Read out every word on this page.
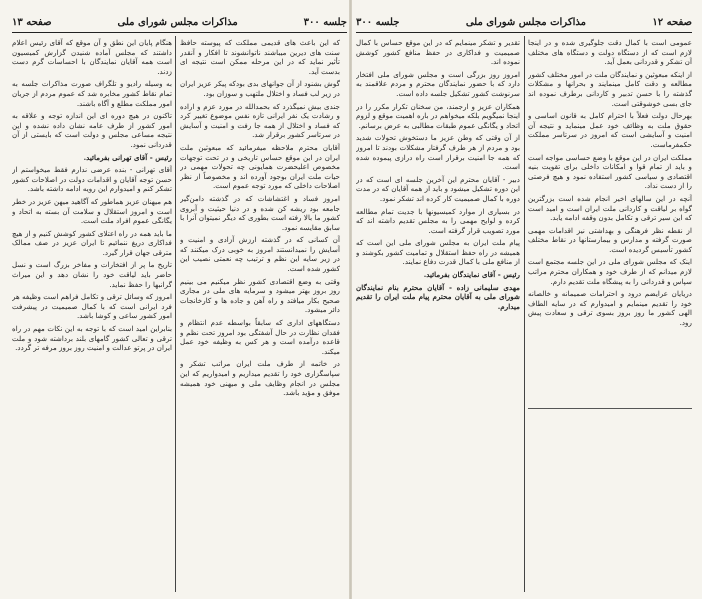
صفحه ۱۳	مذاکرات مجلس شورای ملی	جلسه ۳۰۰

هنگام پایان این نطق و آن موقع که آقای رئیس اعلام داشتند که مجلس آماده شنیدن گزارش کمیسیون است همه آقایان نمایندگان با احساسات گرم دست زدند.

به وسیله رادیو و تلگراف صورت مذاکرات جلسه به تمام نقاط کشور مخابره شد که عموم مردم از جریان امور مملکت مطلع و آگاه باشند.

تاکنون در هیچ دوره ای این اندازه توجه و علاقه به امور کشور از طرف عامه نشان داده نشده و این نتیجه مساعی مجلس و دولت است که بایستی از آن قدردانی نمود.

رئیس - آقای تهرانی بفرمائید.

آقای تهرانی - بنده عرضی ندارم فقط میخواستم از حسن توجه آقایان و اقدامات دولت در اصلاحات کشور تشکر کنم و امیدوارم این رویه ادامه داشته باشد.

هم میهنان عزیز هماطور که آگاهید میهن عزیز در خطر است و امروز استقلال و سلامت آن بسته به اتحاد و یگانگی عموم افراد ملت است.

ما باید همه در راه اعتلای کشور کوشش کنیم و از هیچ فداکاری دریغ ننمائیم تا ایران عزیز در صف ممالک مترقی جهان قرار گیرد.

تاریخ ما پر از افتخارات و مفاخر بزرگ است و نسل حاضر باید لیاقت خود را نشان دهد و این میراث گرانبها را حفظ نماید.

امروز که وسائل ترقی و تکامل فراهم است وظیفه هر فرد ایرانی است که با کمال صمیمیت در پیشرفت امور کشور ساعی و کوشا باشد.

بنابراین امید است که با توجه به این نکات مهم در راه ترقی و تعالی کشور گامهای بلند برداشته شود و ملت ایران در پرتو عدالت و امنیت روز بروز مرفه تر گردد.

که این باعث های قدیمی مملکت که پیوسته حافظ سنت های دیرین میباشند ناتوانشوند تا افکار و آنقدر تأثیر نماید که در این مرحله ممکن است نتیجه ای بدست آید.

گوش بشنود از آن جوانهای بدی بودکه پیکر عزیز ایران در زیر لب فساد و اختلال ملتهب و سوزان بود.

جندی بیش نمیگذرد که بحمدالله در مورد عزم و اراده و رشادت یک نفر ایرانی تازه نفس موضوع تغییر کرد که فساد و اختلال از همه جا رفت و امنیت و آسایش در سرتاسر کشور برقرار شد.

آقایان محترم ملاحظه میفرمائید که مبعوثین ملت ایران در این موقع حساس تاریخی و در تحت توجهات مخصوص اعلیحضرت همایونی چه تحولات مهمی در حیات ملت ایران بوجود آورده اند و مخصوصاً از نظر اصلاحات داخلی که مورد توجه عموم است.

امروز فساد و اغتشاشات که در گذشته دامن‌گیر جامعه بود ریشه کن شده و در دنیا حیثیت و آبروی کشور ما بالا رفته است بطوری که دیگر نمیتوان آنرا با سابق مقایسه نمود.

آن کسانی که در گذشته ارزش آزادی و امنیت و آسایش را نمیدانستند امروز به خوبی درک میکنند که در زیر سایه این نظم و ترتیب چه نعمتی نصیب این کشور شده است.

وقتی به وضع اقتصادی کشور نظر میکنیم می بینیم روز بروز بهتر میشود و سرمایه های ملی در مجاری صحیح بکار میافتد و راه آهن و جاده ها و کارخانجات دائر میشود.

دستگاههای اداری که سابقاً بواسطه عدم انتظام و فقدان نظارت در حال آشفتگی بود امروز تحت نظم و قاعده درآمده است و هر کس به وظیفه خود عمل میکند.

در خاتمه از طرف ملت ایران مراتب تشکر و سپاسگزاری خود را تقدیم میداریم و امیدواریم که این مجلس در انجام وظایف ملی و میهنی خود همیشه موفق و مؤید باشد.

جلسه ۳۰۰	مذاکرات مجلس شورای ملی	صفحه ۱۲

تقدیر و تشکر مینمایم که در این موقع حساس با کمال صمیمیت و فداکاری در حفظ منافع کشور کوشش نموده اند.

امروز روز بزرگی است و مجلس شورای ملی افتخار دارد که با حضور نمایندگان محترم و مردم علاقمند به سرنوشت کشور تشکیل جلسه داده است.

همکاران عزیز و ارجمند، من سخنان تکرار مکرر را در اینجا نمیگویم بلکه میخواهم در باره اهمیت موقع و لزوم اتحاد و یگانگی عموم طبقات مطالبی به عرض برسانم.

از آن وقتی که وطن عزیز ما دستخوش تحولات شدید بود و مردم از هر طرف گرفتار مشکلات بودند تا امروز که همه جا امنیت برقرار است راه درازی پیموده شده است.

دبیر - آقایان محترم این آخرین جلسه ای است که در این دوره تشکیل میشود و باید از همه آقایان که در مدت دوره با کمال صمیمیت کار کرده اند تشکر نمود.

در بسیاری از موارد کمیسیونها با جدیت تمام مطالعه کرده و لوایح مهمی را به مجلس تقدیم داشته اند که مورد تصویب قرار گرفته است.

پیام ملت ایران به مجلس شورای ملی این است که همیشه در راه حفظ استقلال و تمامیت کشور بکوشند و از منافع ملی با کمال قدرت دفاع نمایند.

رئیس - آقای نمایندگان بفرمائید.

مهدی سلیمانی زاده - آقایان محترم بنام نمایندگان شورای ملی به آقایان محترم پیام ملت ایران را تقدیم میدارم.

عمومی است با کمال دقت جلوگیری شده و در اینجا لازم است که از دستگاه دولت و دستگاه های مختلف آن تشکر و قدردانی بعمل آید.

از اینکه مبعوثین و نمایندگان ملت در امور مختلف کشور مطالعه و دقت کامل مینمایند و بحرانها و مشکلات گذشته را با حسن تدبیر و کاردانی برطرف نموده اند جای بسی خوشوقتی است.

بهرحال دولت فعلاً با احترام کامل به قانون اساسی و حقوق ملت به وظائف خود عمل مینماید و نتیجه آن امنیت و آسایشی است که امروز در سرتاسر مملکت حکمفرماست.

مملکت ایران در این موقع با وضع حساسی مواجه است و باید از تمام قوا و امکانات داخلی برای تقویت بنیه اقتصادی و سیاسی کشور استفاده نمود و هیچ فرصتی را از دست نداد.

آنچه در این سالهای اخیر انجام شده است بزرگترین گواه بر لیاقت و کاردانی ملت ایران است و امید است که این سیر ترقی و تکامل بدون وقفه ادامه یابد.

از نقطه نظر فرهنگی و بهداشتی نیز اقدامات مهمی صورت گرفته و مدارس و بیمارستانها در نقاط مختلف کشور تأسیس گردیده است.

اینک که مجلس شورای ملی در این جلسه مجتمع است لازم میدانم که از طرف خود و همکاران محترم مراتب سپاس و قدردانی را به پیشگاه ملت تقدیم دارم.

دریایان عرایضم درود و احترامات صمیمانه و خالصانه خود را تقدیم مینمایم و امیدوارم که در سایه الطاف الهی کشور ما روز بروز بسوی ترقی و سعادت پیش رود.
